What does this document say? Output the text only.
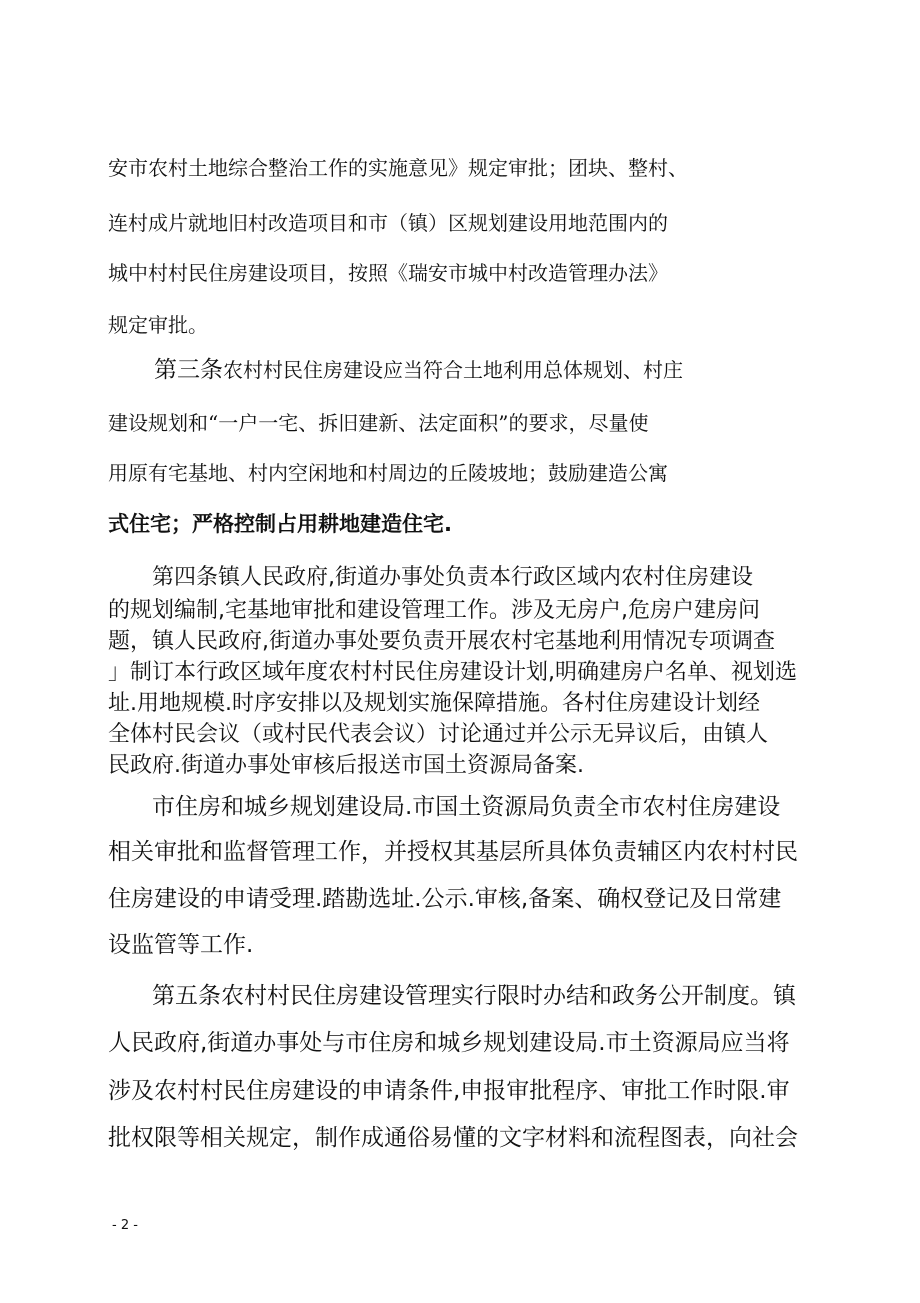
安市农村土地综合整治工作的实施意见》规定审批；团块、整村、
连村成片就地旧村改造项目和市（镇）区规划建设用地范围内的
城中村村民住房建设项目，按照《瑞安市城中村改造管理办法》
规定审批。
第三条农村村民住房建设应当符合土地利用总体规划、村庄
建设规划和“一户一宅、拆旧建新、法定面积”的要求，尽量使
用原有宅基地、村内空闲地和村周边的丘陵坡地；鼓励建造公寓
式住宅；严格控制占用耕地建造住宅.
第四条镇人民政府,街道办事处负责本行政区域内农村住房建设
的规划编制,宅基地审批和建设管理工作。涉及无房户,危房户建房问
题，镇人民政府,街道办事处要负责开展农村宅基地利用情况专项调查
」制订本行政区域年度农村村民住房建设计划,明确建房户名单、视划选
址.用地规模.时序安排以及规划实施保障措施。各村住房建设计划经
全体村民会议（或村民代表会议）讨论通过并公示无异议后，由镇人
民政府.街道办事处审核后报送市国土资源局备案.
市住房和城乡规划建设局.市国土资源局负责全市农村住房建设
相关审批和监督管理工作，并授权其基层所具体负责辅区内农村村民
住房建设的申请受理.踏勘选址.公示.审核,备案、确权登记及日常建
设监管等工作.
第五条农村村民住房建设管理实行限时办结和政务公开制度。镇
人民政府,街道办事处与市住房和城乡规划建设局.市土资源局应当将
涉及农村村民住房建设的申请条件,申报审批程序、审批工作时限.审
批权限等相关规定，制作成通俗易懂的文字材料和流程图表，向社会
- 2 -
